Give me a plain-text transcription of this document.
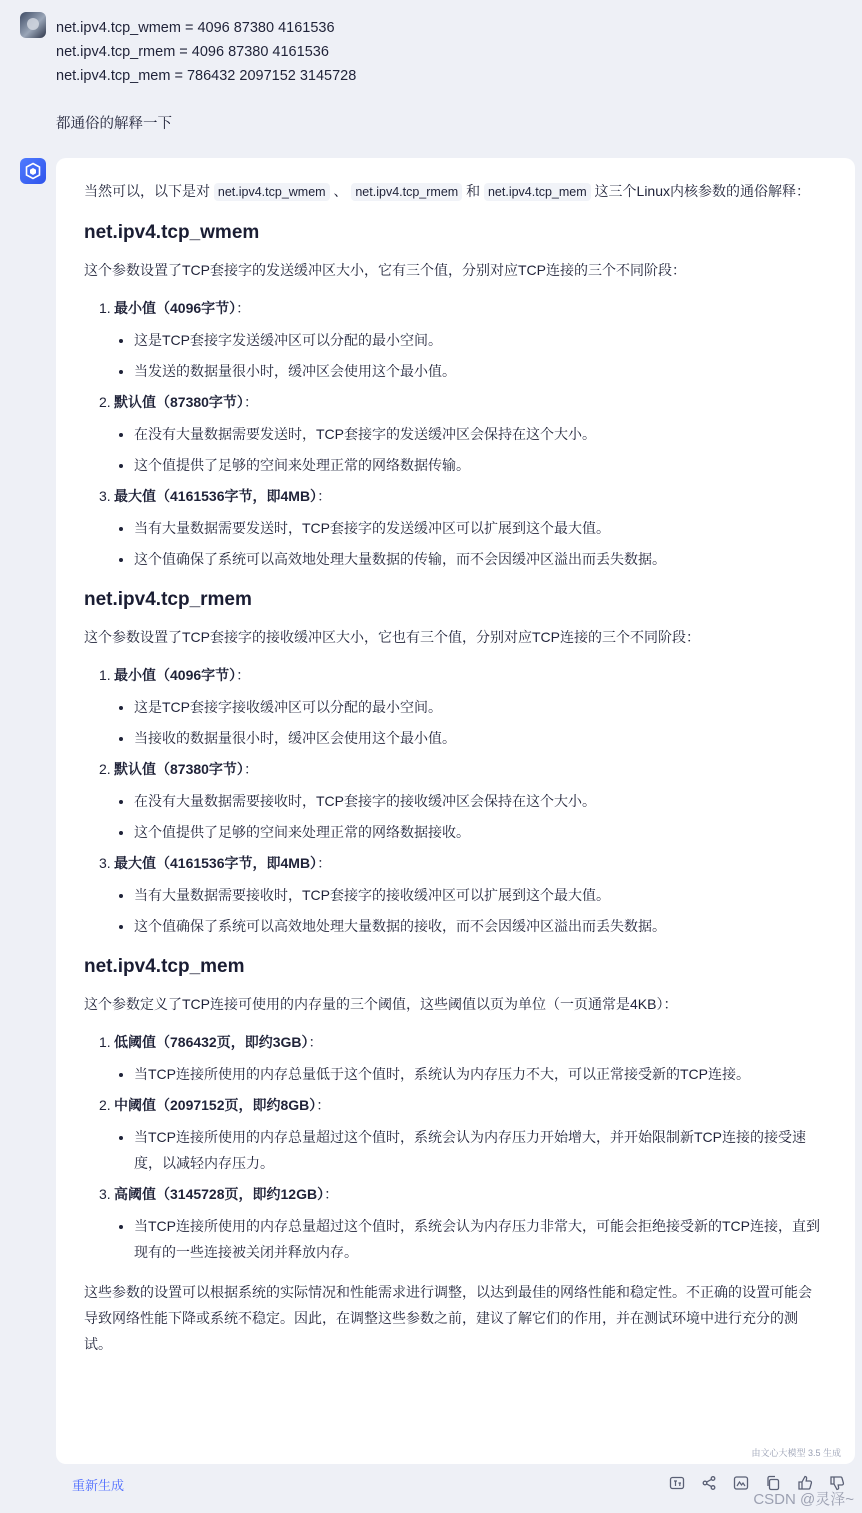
net.ipv4.tcp_wmem = 4096 87380 4161536
net.ipv4.tcp_rmem = 4096 87380 4161536
net.ipv4.tcp_mem = 786432 2097152 3145728
都通俗的解释一下
当然可以，以下是对 net.ipv4.tcp_wmem 、 net.ipv4.tcp_rmem 和 net.ipv4.tcp_mem 这三个Linux内核参数的通俗解释：
net.ipv4.tcp_wmem
这个参数设置了TCP套接字的发送缓冲区大小，它有三个值，分别对应TCP连接的三个不同阶段：
1. 最小值（4096字节）：
• 这是TCP套接字发送缓冲区可以分配的最小空间。
• 当发送的数据量很小时，缓冲区会使用这个最小值。
2. 默认值（87380字节）：
• 在没有大量数据需要发送时，TCP套接字的发送缓冲区会保持在这个大小。
• 这个值提供了足够的空间来处理正常的网络数据传输。
3. 最大值（4161536字节，即4MB）：
• 当有大量数据需要发送时，TCP套接字的发送缓冲区可以扩展到这个最大值。
• 这个值确保了系统可以高效地处理大量数据的传输，而不会因缓冲区溢出而丢失数据。
net.ipv4.tcp_rmem
这个参数设置了TCP套接字的接收缓冲区大小，它也有三个值，分别对应TCP连接的三个不同阶段：
1. 最小值（4096字节）：
• 这是TCP套接字接收缓冲区可以分配的最小空间。
• 当接收的数据量很小时，缓冲区会使用这个最小值。
2. 默认值（87380字节）：
• 在没有大量数据需要接收时，TCP套接字的接收缓冲区会保持在这个大小。
• 这个值提供了足够的空间来处理正常的网络数据接收。
3. 最大值（4161536字节，即4MB）：
• 当有大量数据需要接收时，TCP套接字的接收缓冲区可以扩展到这个最大值。
• 这个值确保了系统可以高效地处理大量数据的接收，而不会因缓冲区溢出而丢失数据。
net.ipv4.tcp_mem
这个参数定义了TCP连接可使用的内存量的三个阈值，这些阈值以页为单位（一页通常是4KB）：
1. 低阈值（786432页，即约3GB）：
• 当TCP连接所使用的内存总量低于这个值时，系统认为内存压力不大，可以正常接受新的TCP连接。
2. 中阈值（2097152页，即约8GB）：
• 当TCP连接所使用的内存总量超过这个值时，系统会认为内存压力开始增大，并开始限制新TCP连接的接受速度，以减轻内存压力。
3. 高阈值（3145728页，即约12GB）：
• 当TCP连接所使用的内存总量超过这个值时，系统会认为内存压力非常大，可能会拒绝接受新的TCP连接，直到现有的一些连接被关闭并释放内存。
这些参数的设置可以根据系统的实际情况和性能需求进行调整，以达到最佳的网络性能和稳定性。不正确的设置可能会导致网络性能下降或系统不稳定。因此，在调整这些参数之前，建议了解它们的作用，并在测试环境中进行充分的测试。
由文心大模型 3.5 生成
重新生成
CSDN @灵泽~
